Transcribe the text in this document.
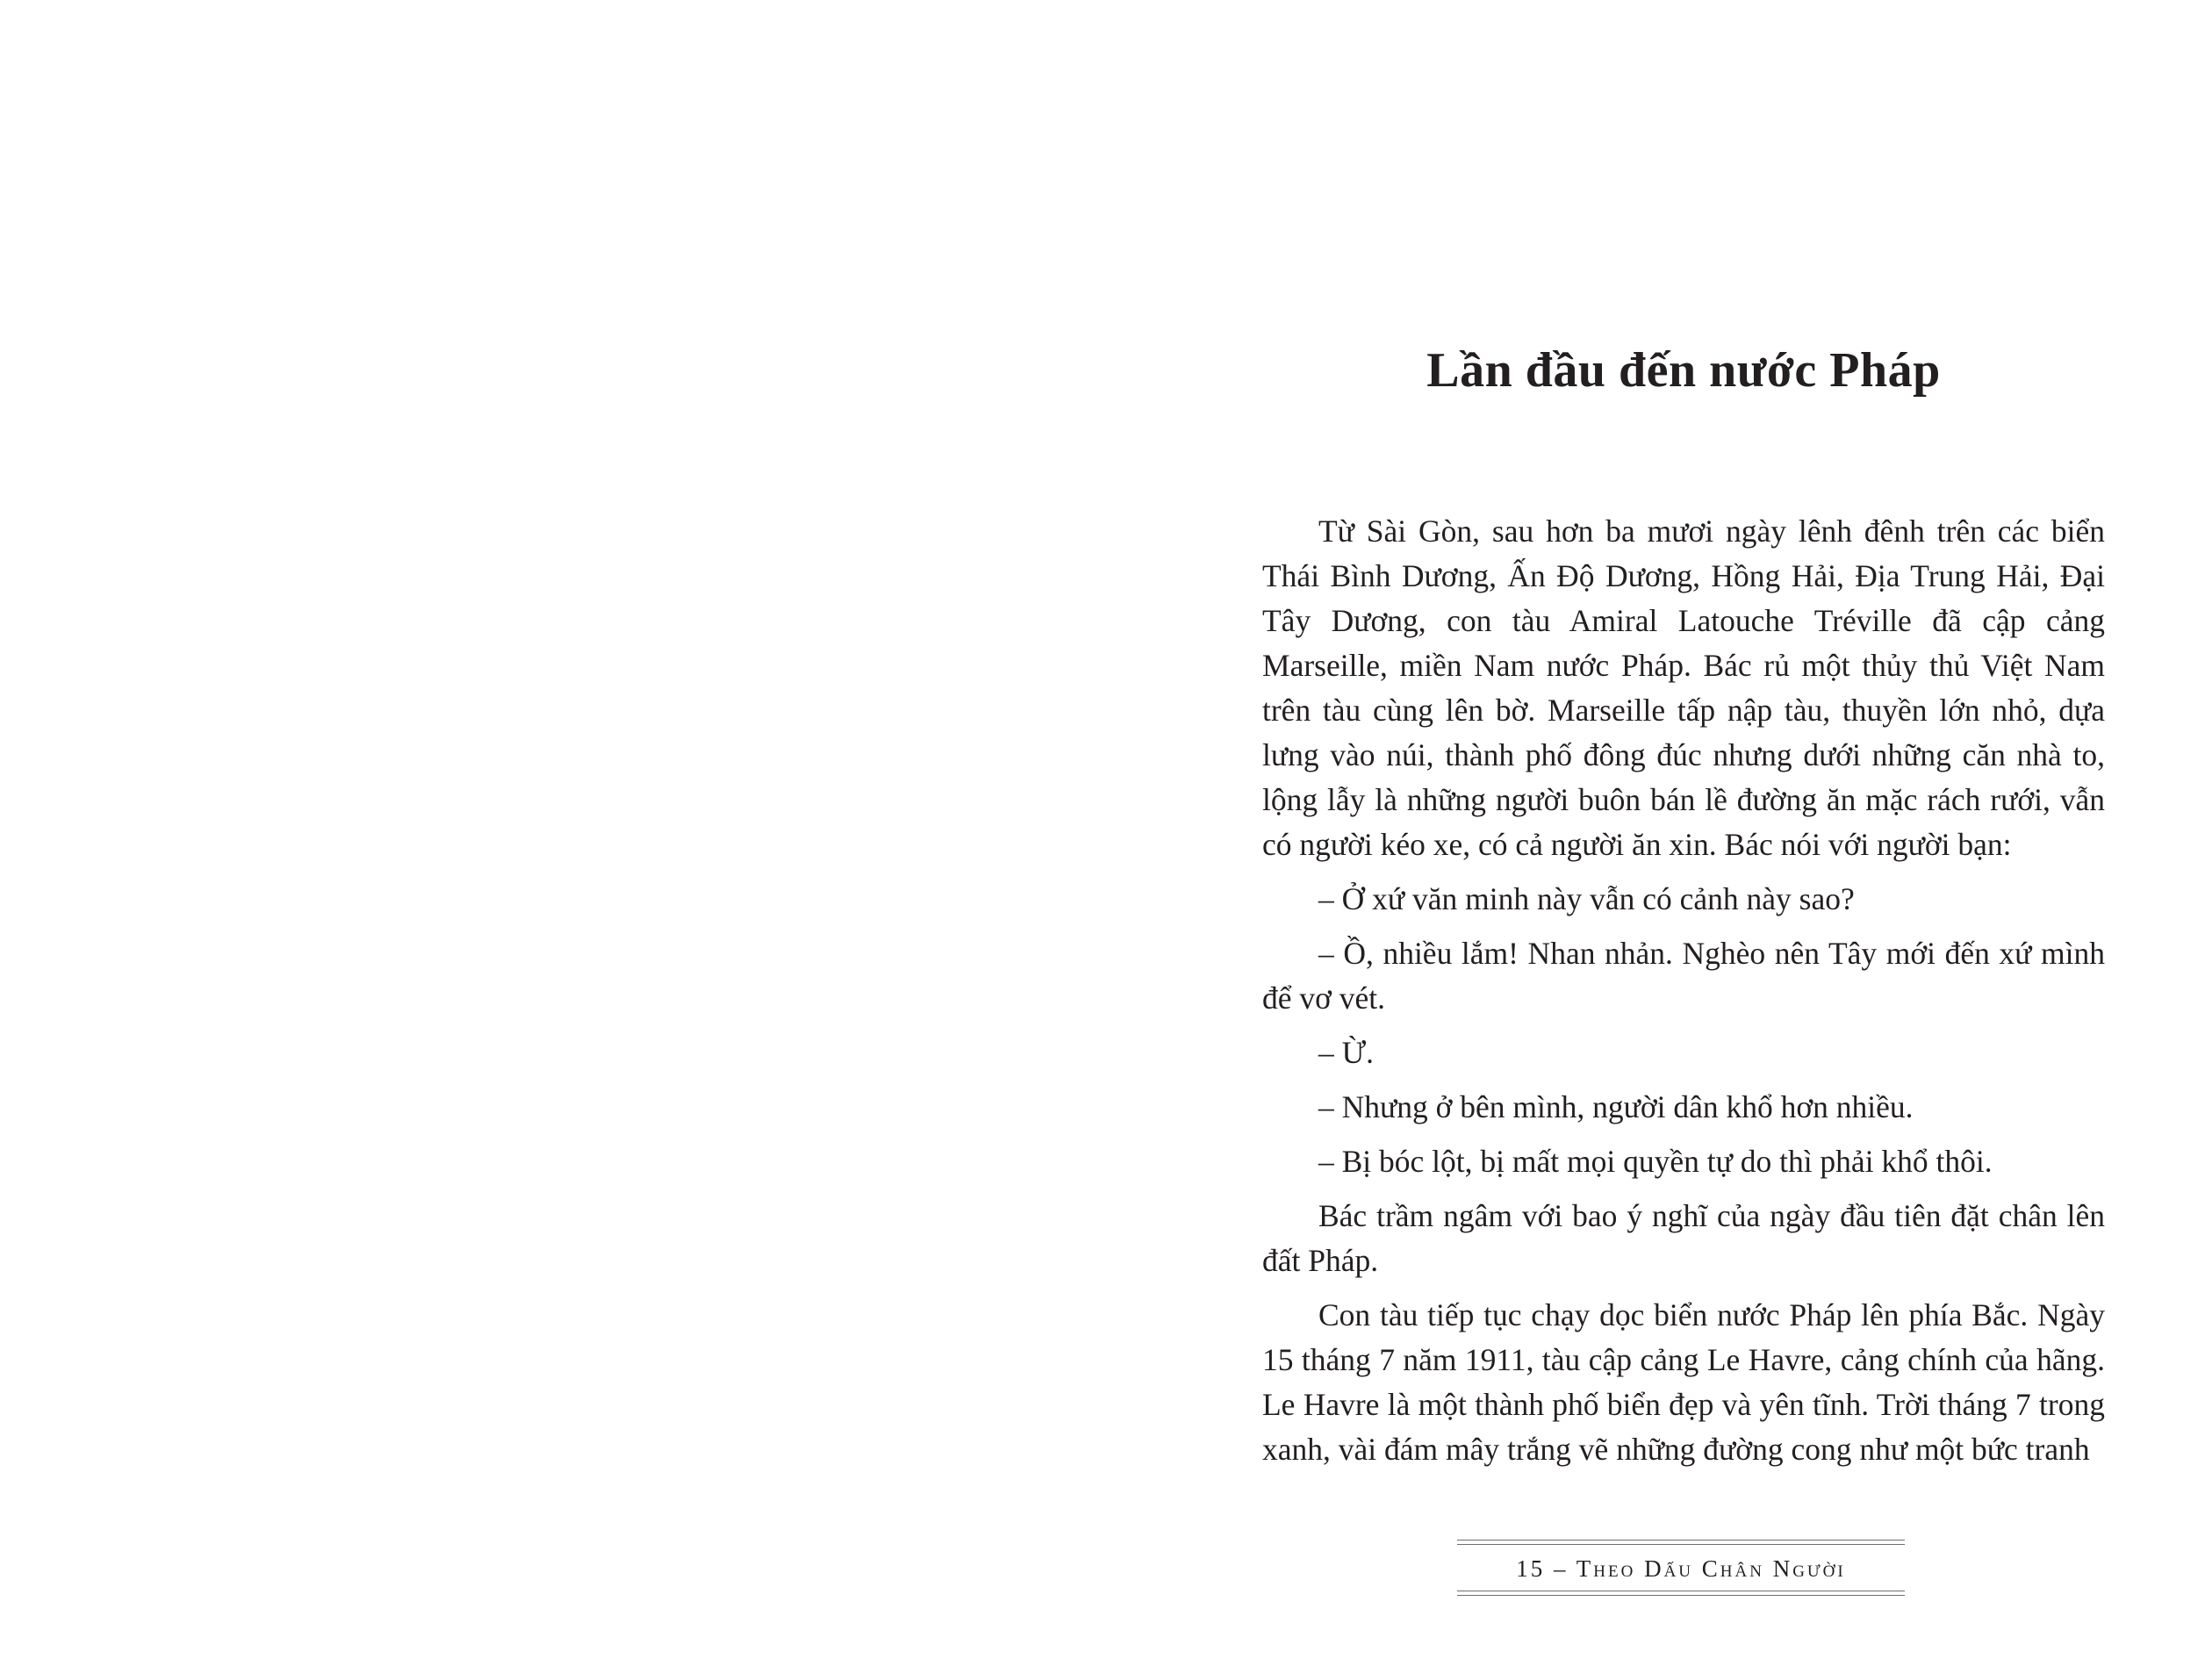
Lần đầu đến nước Pháp

Từ Sài Gòn, sau hơn ba mươi ngày lênh đênh trên các biển Thái Bình Dương, Ấn Độ Dương, Hồng Hải, Địa Trung Hải, Đại Tây Dương, con tàu Amiral Latouche Tréville đã cập cảng Marseille, miền Nam nước Pháp. Bác rủ một thủy thủ Việt Nam trên tàu cùng lên bờ. Marseille tấp nập tàu, thuyền lớn nhỏ, dựa lưng vào núi, thành phố đông đúc nhưng dưới những căn nhà to, lộng lẫy là những người buôn bán lề đường ăn mặc rách rưới, vẫn có người kéo xe, có cả người ăn xin. Bác nói với người bạn:

– Ở xứ văn minh này vẫn có cảnh này sao?

– Ồ, nhiều lắm! Nhan nhản. Nghèo nên Tây mới đến xứ mình để vơ vét.

– Ừ.

– Nhưng ở bên mình, người dân khổ hơn nhiều.

– Bị bóc lột, bị mất mọi quyền tự do thì phải khổ thôi.

Bác trầm ngâm với bao ý nghĩ của ngày đầu tiên đặt chân lên đất Pháp.

Con tàu tiếp tục chạy dọc biển nước Pháp lên phía Bắc. Ngày 15 tháng 7 năm 1911, tàu cập cảng Le Havre, cảng chính của hãng. Le Havre là một thành phố biển đẹp và yên tĩnh. Trời tháng 7 trong xanh, vài đám mây trắng vẽ những đường cong như một bức tranh

15 – Theo Dấu Chân Người
